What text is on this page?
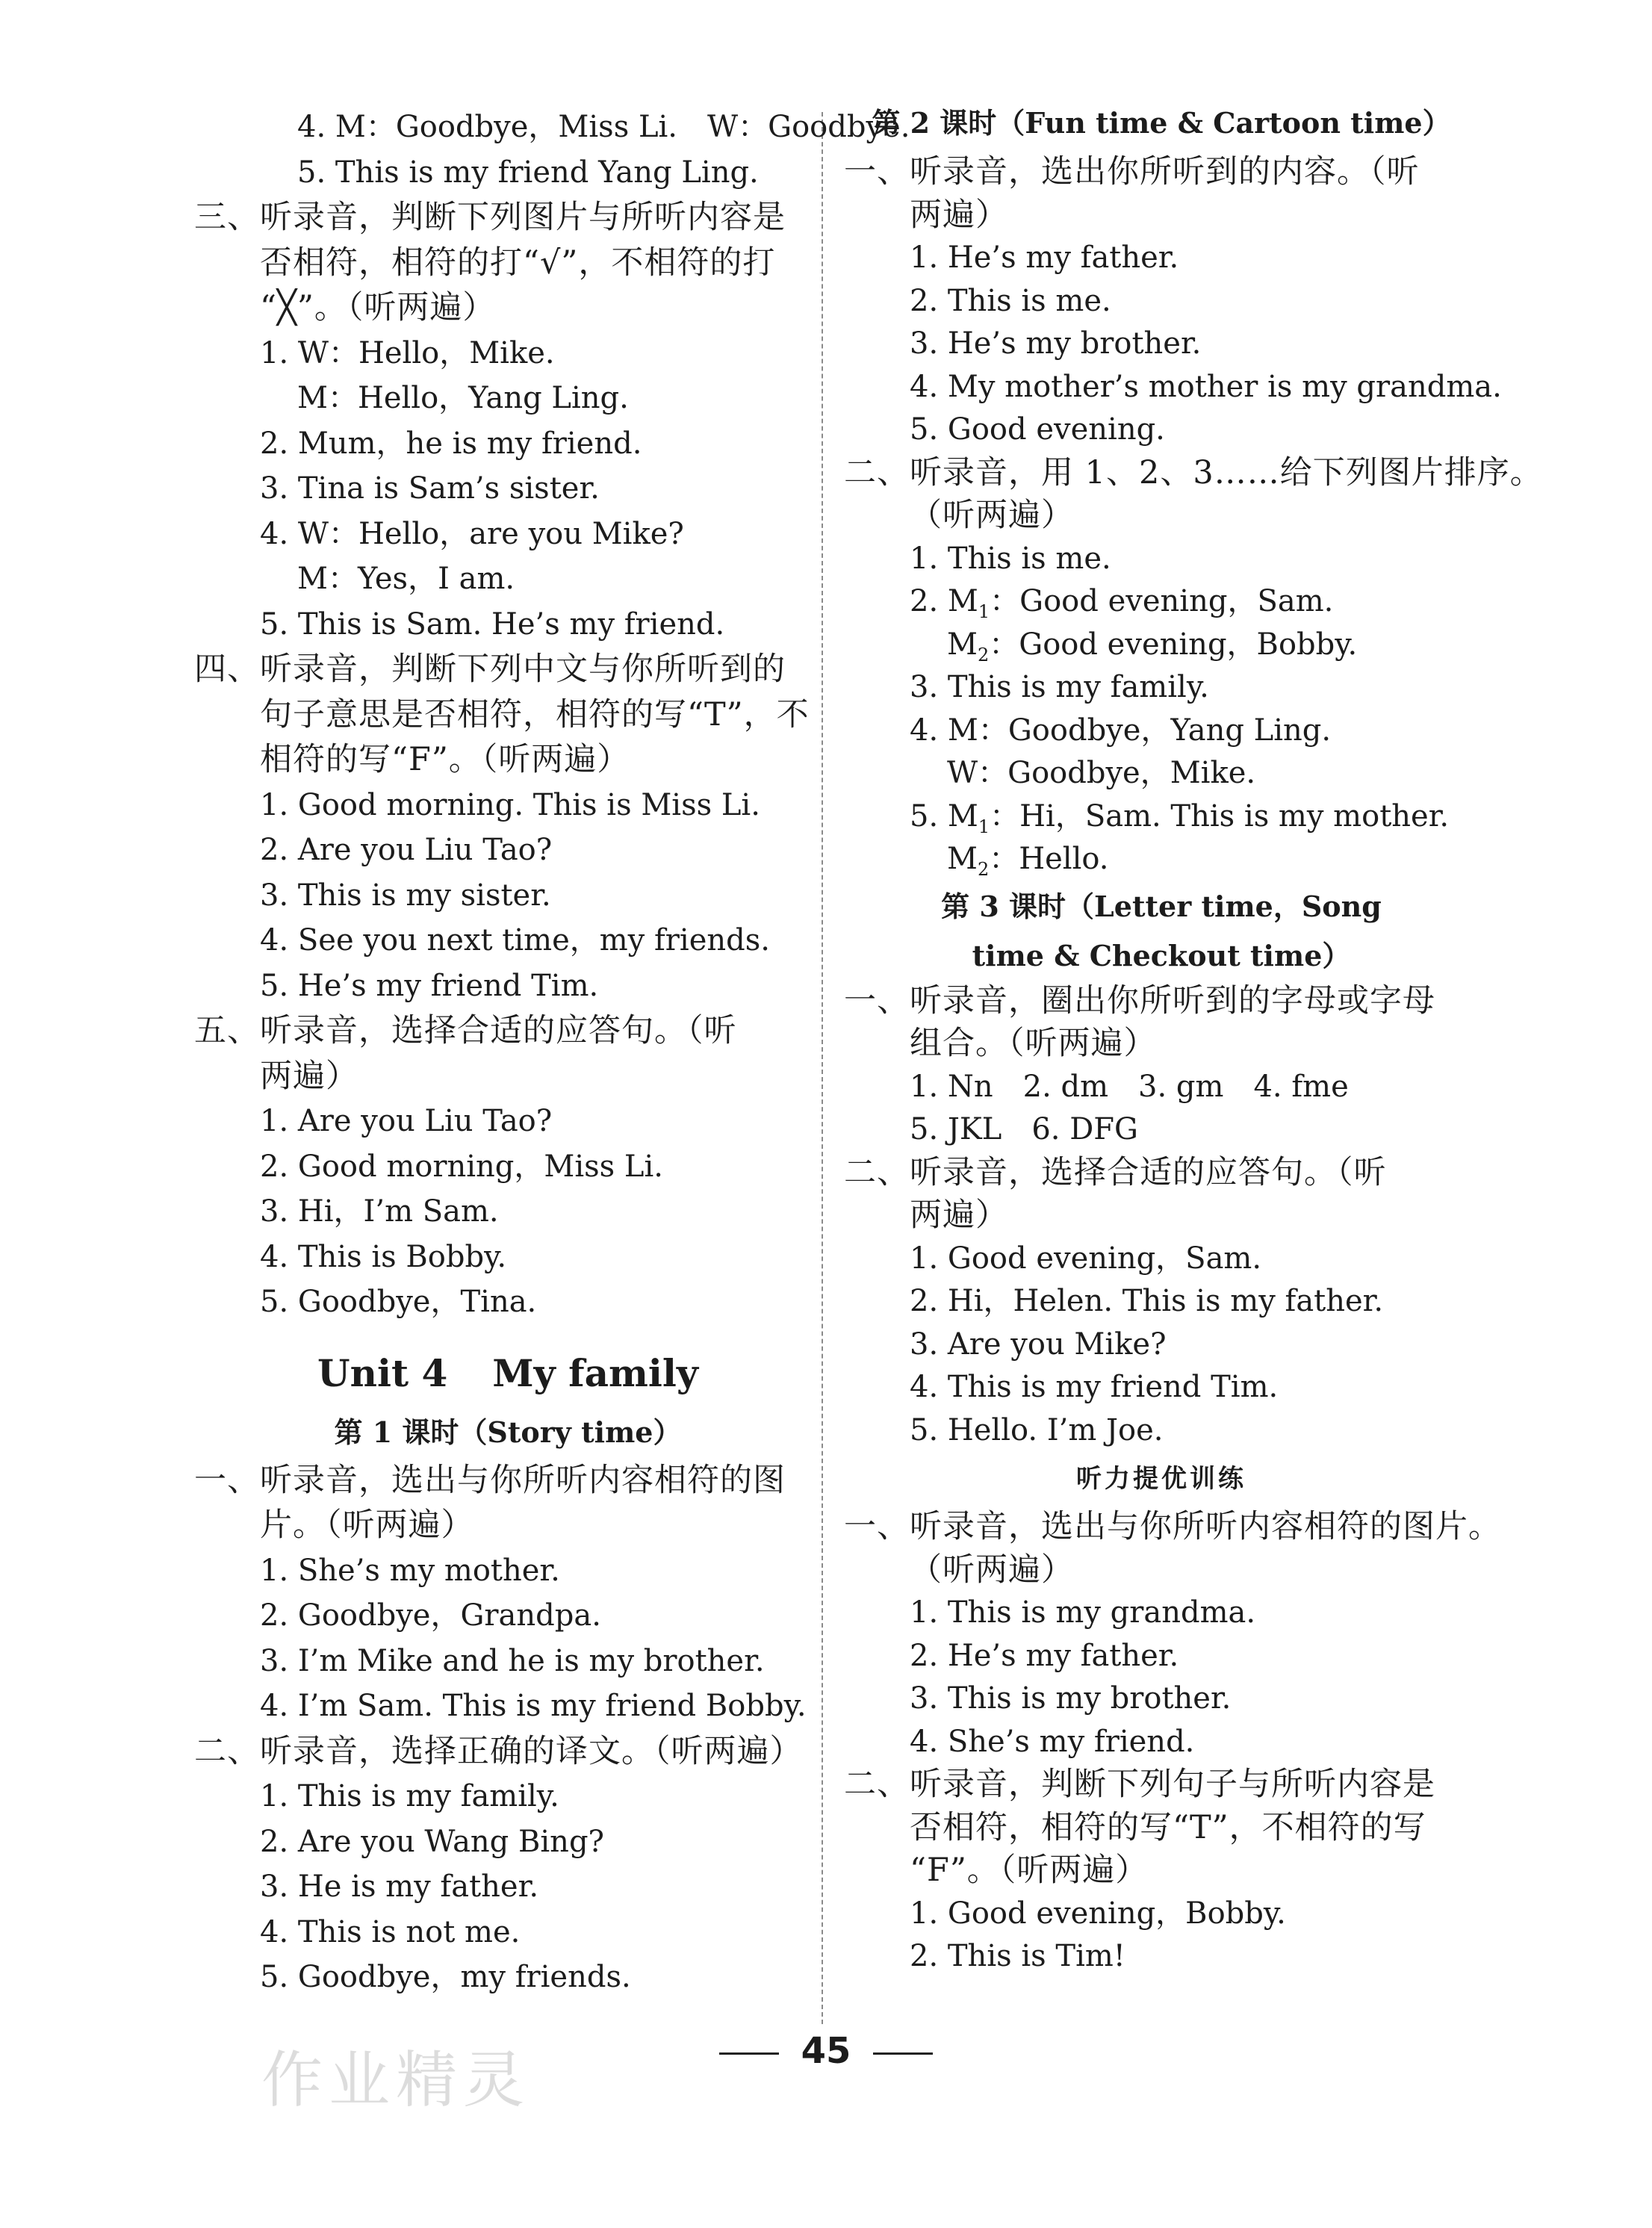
4. M：Goodbye，Miss Li.　W：Goodbye.
5. This is my friend Yang Ling.
三、听录音，判断下列图片与所听内容是
否相符，相符的打“√”，不相符的打
“╳”。（听两遍）
1. W：Hello，Mike.
M：Hello，Yang Ling.
2. Mum，he is my friend.
3. Tina is Sam’s sister.
4. W：Hello，are you Mike?
M：Yes，I am.
5. This is Sam. He’s my friend.
四、听录音，判断下列中文与你所听到的
句子意思是否相符，相符的写“T”，不
相符的写“F”。（听两遍）
1. Good morning. This is Miss Li.
2. Are you Liu Tao?
3. This is my sister.
4. See you next time，my friends.
5. He’s my friend Tim.
五、听录音，选择合适的应答句。（听
两遍）
1. Are you Liu Tao?
2. Good morning，Miss Li.
3. Hi，I’m Sam.
4. This is Bobby.
5. Goodbye，Tina.
Unit 4 My family
第 1 课时（Story time）
一、听录音，选出与你所听内容相符的图
片。（听两遍）
1. She’s my mother.
2. Goodbye，Grandpa.
3. I’m Mike and he is my brother.
4. I’m Sam. This is my friend Bobby.
二、听录音，选择正确的译文。（听两遍）
1. This is my family.
2. Are you Wang Bing?
3. He is my father.
4. This is not me.
5. Goodbye，my friends.
第 2 课时（Fun time & Cartoon time）
一、听录音，选出你所听到的内容。（听
两遍）
1. He’s my father.
2. This is me.
3. He’s my brother.
4. My mother’s mother is my grandma.
5. Good evening.
二、听录音，用 1、2、3……给下列图片排序。
（听两遍）
1. This is me.
2. $M_1$：Good evening，Sam.
$M_2$：Good evening，Bobby.
3. This is my family.
4. M：Goodbye，Yang Ling.
W：Goodbye，Mike.
5. $M_1$：Hi，Sam. This is my mother.
$M_2$：Hello.
第 3 课时（Letter time，Song
time & Checkout time）
一、听录音，圈出你所听到的字母或字母
组合。（听两遍）
1. Nn　2. dm　3. gm　4. fme
5. JKL　6. DFG
二、听录音，选择合适的应答句。（听
两遍）
1. Good evening，Sam.
2. Hi，Helen. This is my father.
3. Are you Mike?
4. This is my friend Tim.
5. Hello. I’m Joe.
听力提优训练
一、听录音，选出与你所听内容相符的图片。
（听两遍）
1. This is my grandma.
2. He’s my father.
3. This is my brother.
4. She’s my friend.
二、听录音，判断下列句子与所听内容是
否相符，相符的写“T”，不相符的写
“F”。（听两遍）
1. Good evening，Bobby.
2. This is Tim!
作业精灵	45
